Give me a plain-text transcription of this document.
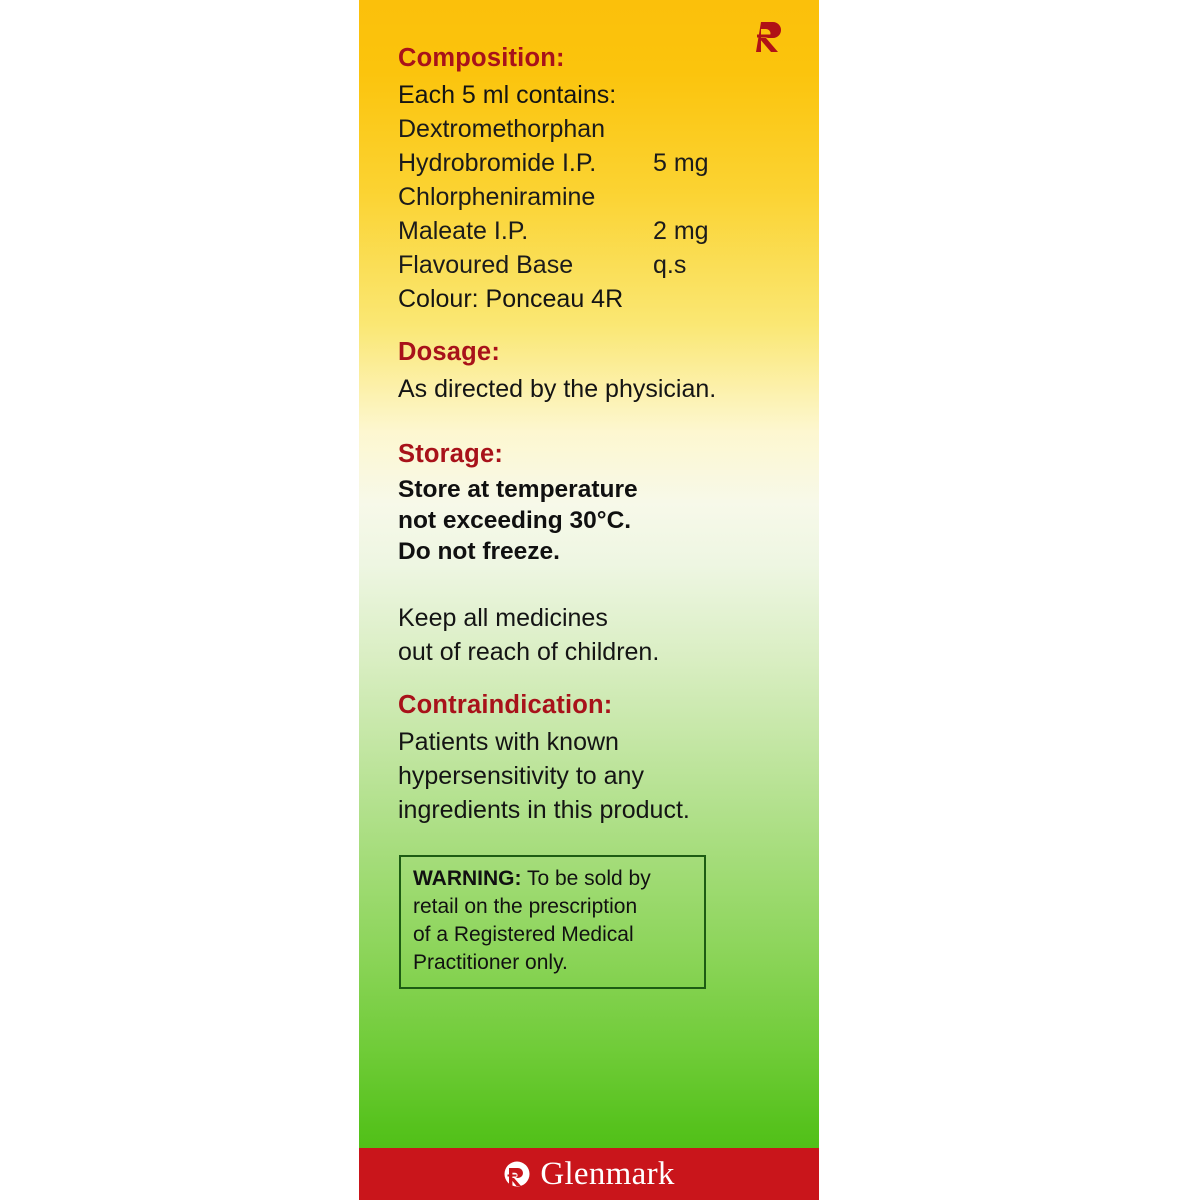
Composition:
Each 5 ml contains:
Dextromethorphan
Hydrobromide I.P. 5 mg
Chlorpheniramine
Maleate I.P.	2 mg
Flavoured Base	q.s
Colour: Ponceau 4R
Dosage:
As directed by the physician.
Storage:
Store at temperature
not exceeding 30°C.
Do not freeze.
Keep all medicines
out of reach of children.
Contraindication:
Patients with known
hypersensitivity to any
ingredients in this product.
WARNING: To be sold by
retail on the prescription
of a Registered Medical
Practitioner only.
Glenmark
